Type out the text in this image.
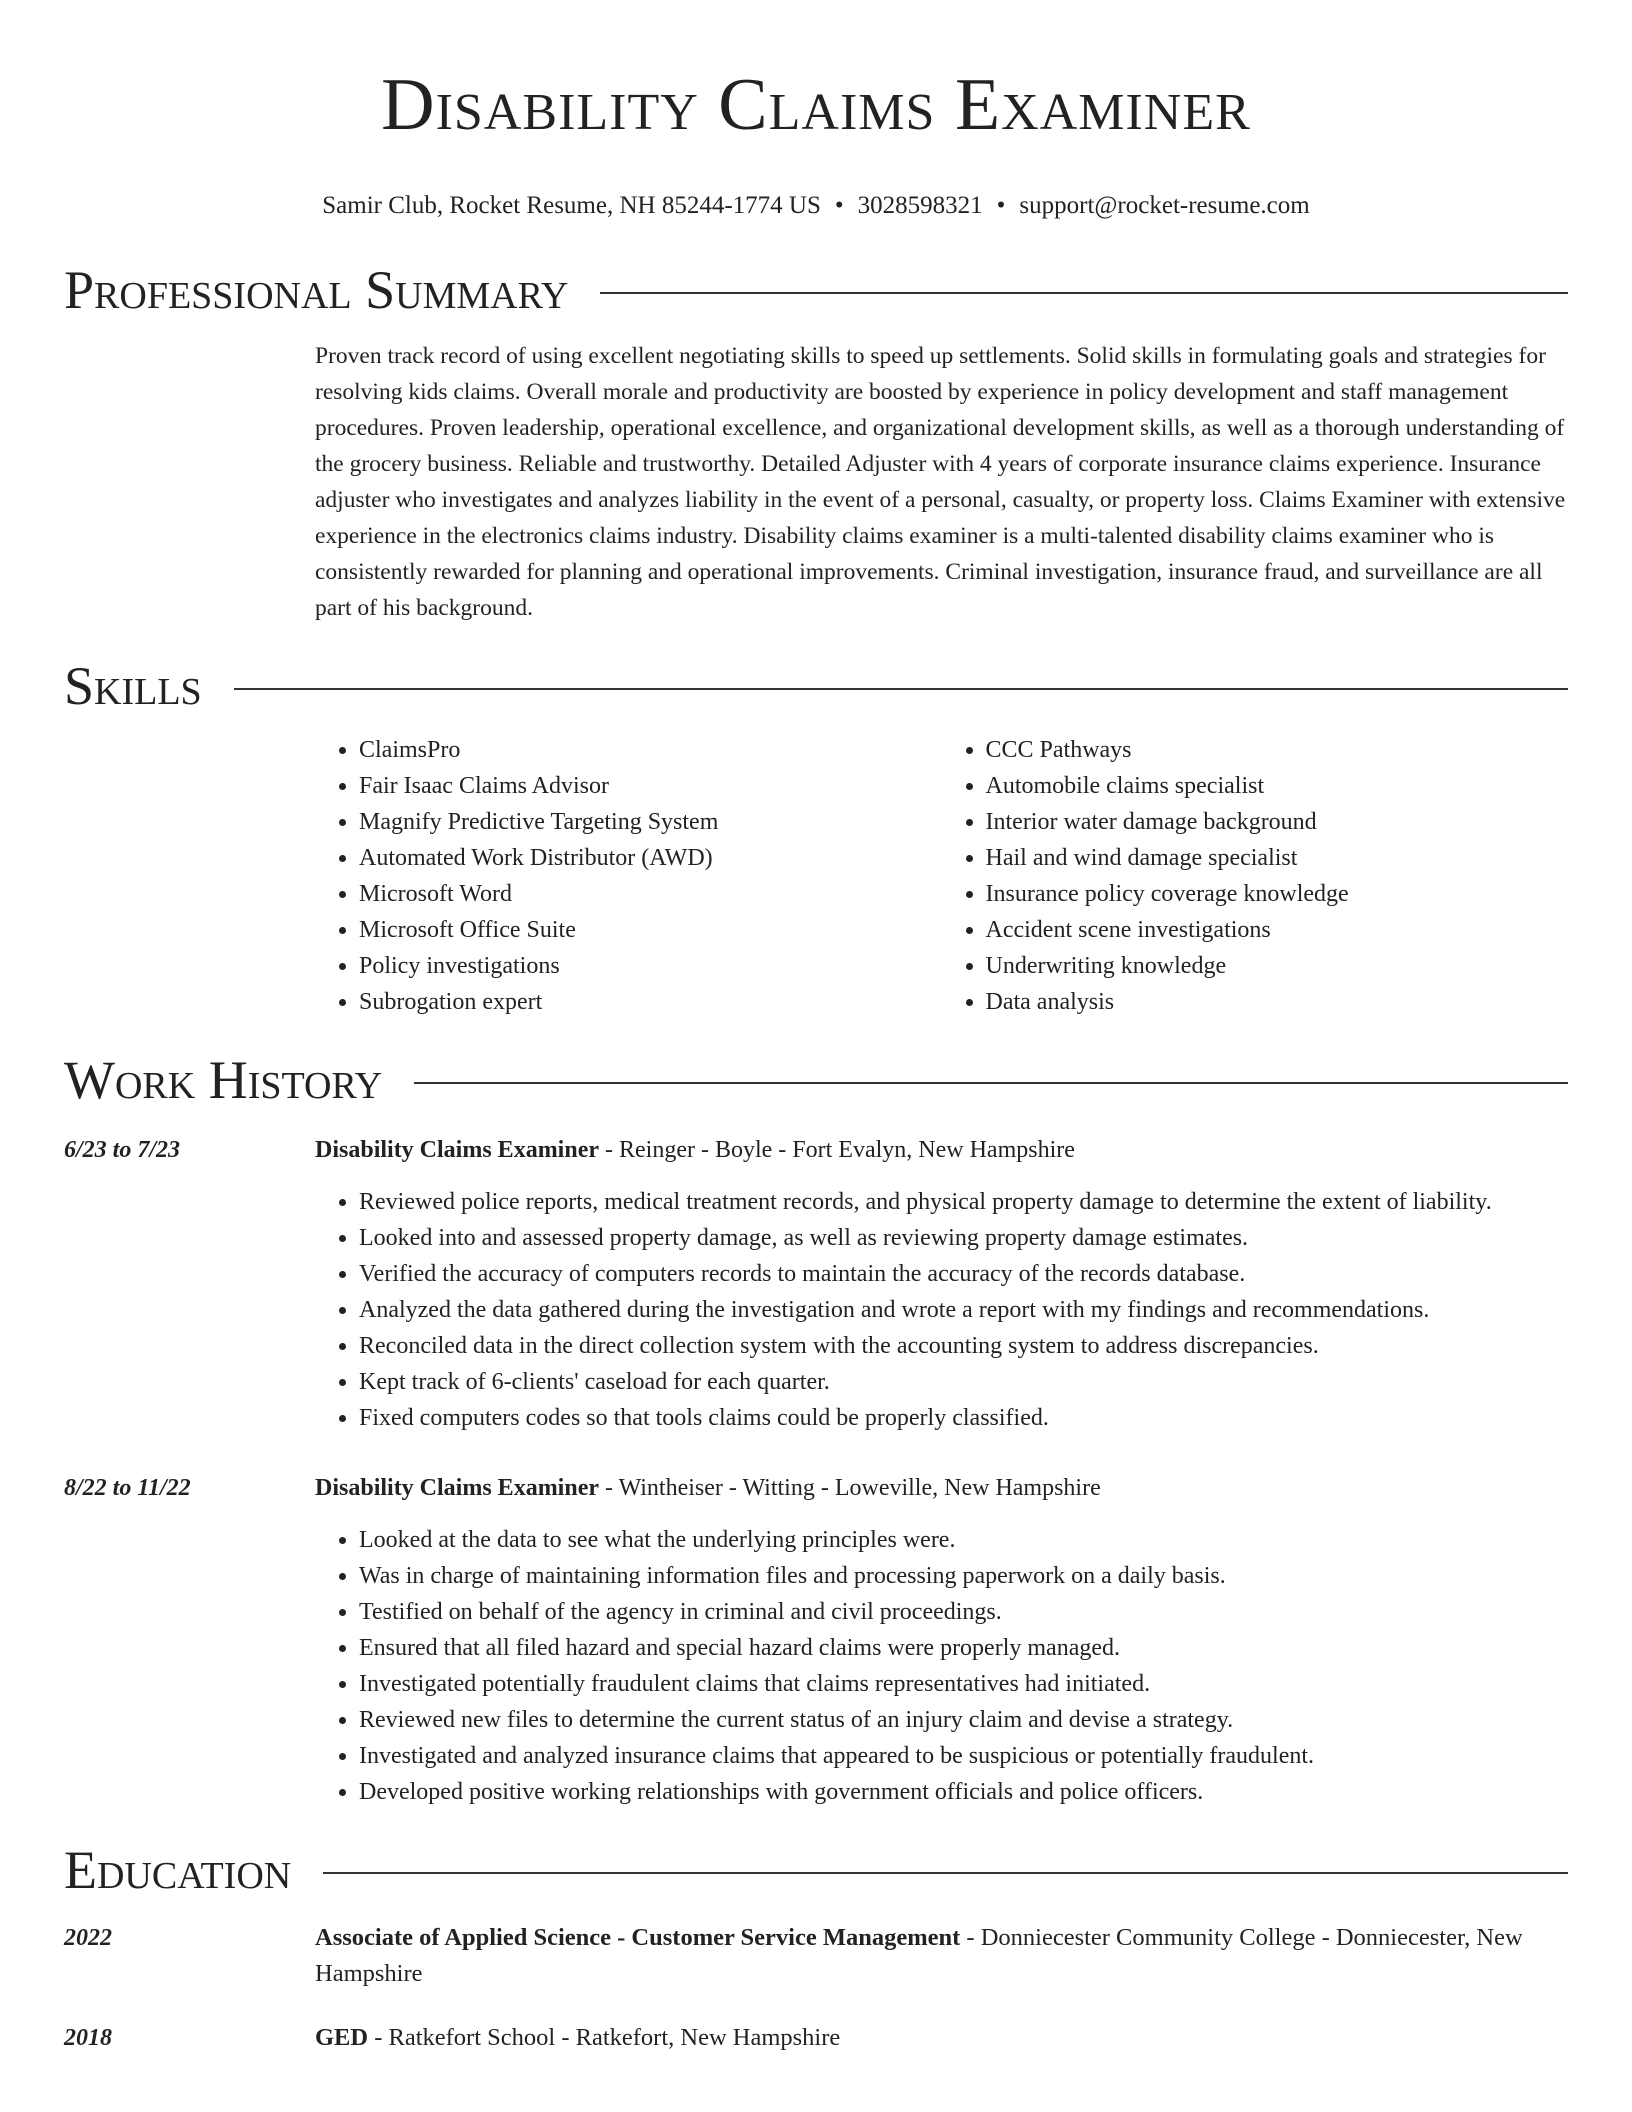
Disability Claims Examiner
Samir Club, Rocket Resume, NH 85244-1774 US • 3028598321 • support@rocket-resume.com
Professional Summary
Proven track record of using excellent negotiating skills to speed up settlements. Solid skills in formulating goals and strategies for resolving kids claims. Overall morale and productivity are boosted by experience in policy development and staff management procedures. Proven leadership, operational excellence, and organizational development skills, as well as a thorough understanding of the grocery business. Reliable and trustworthy. Detailed Adjuster with 4 years of corporate insurance claims experience. Insurance adjuster who investigates and analyzes liability in the event of a personal, casualty, or property loss. Claims Examiner with extensive experience in the electronics claims industry. Disability claims examiner is a multi-talented disability claims examiner who is consistently rewarded for planning and operational improvements. Criminal investigation, insurance fraud, and surveillance are all part of his background.
Skills
• ClaimsPro
• Fair Isaac Claims Advisor
• Magnify Predictive Targeting System
• Automated Work Distributor (AWD)
• Microsoft Word
• Microsoft Office Suite
• Policy investigations
• Subrogation expert
• CCC Pathways
• Automobile claims specialist
• Interior water damage background
• Hail and wind damage specialist
• Insurance policy coverage knowledge
• Accident scene investigations
• Underwriting knowledge
• Data analysis
Work History
6/23 to 7/23	Disability Claims Examiner - Reinger - Boyle - Fort Evalyn, New Hampshire
• Reviewed police reports, medical treatment records, and physical property damage to determine the extent of liability.
• Looked into and assessed property damage, as well as reviewing property damage estimates.
• Verified the accuracy of computers records to maintain the accuracy of the records database.
• Analyzed the data gathered during the investigation and wrote a report with my findings and recommendations.
• Reconciled data in the direct collection system with the accounting system to address discrepancies.
• Kept track of 6-clients' caseload for each quarter.
• Fixed computers codes so that tools claims could be properly classified.
8/22 to 11/22	Disability Claims Examiner - Wintheiser - Witting - Loweville, New Hampshire
• Looked at the data to see what the underlying principles were.
• Was in charge of maintaining information files and processing paperwork on a daily basis.
• Testified on behalf of the agency in criminal and civil proceedings.
• Ensured that all filed hazard and special hazard claims were properly managed.
• Investigated potentially fraudulent claims that claims representatives had initiated.
• Reviewed new files to determine the current status of an injury claim and devise a strategy.
• Investigated and analyzed insurance claims that appeared to be suspicious or potentially fraudulent.
• Developed positive working relationships with government officials and police officers.
Education
2022	Associate of Applied Science - Customer Service Management - Donniecester Community College - Donniecester, New Hampshire
2018	GED - Ratkefort School - Ratkefort, New Hampshire
